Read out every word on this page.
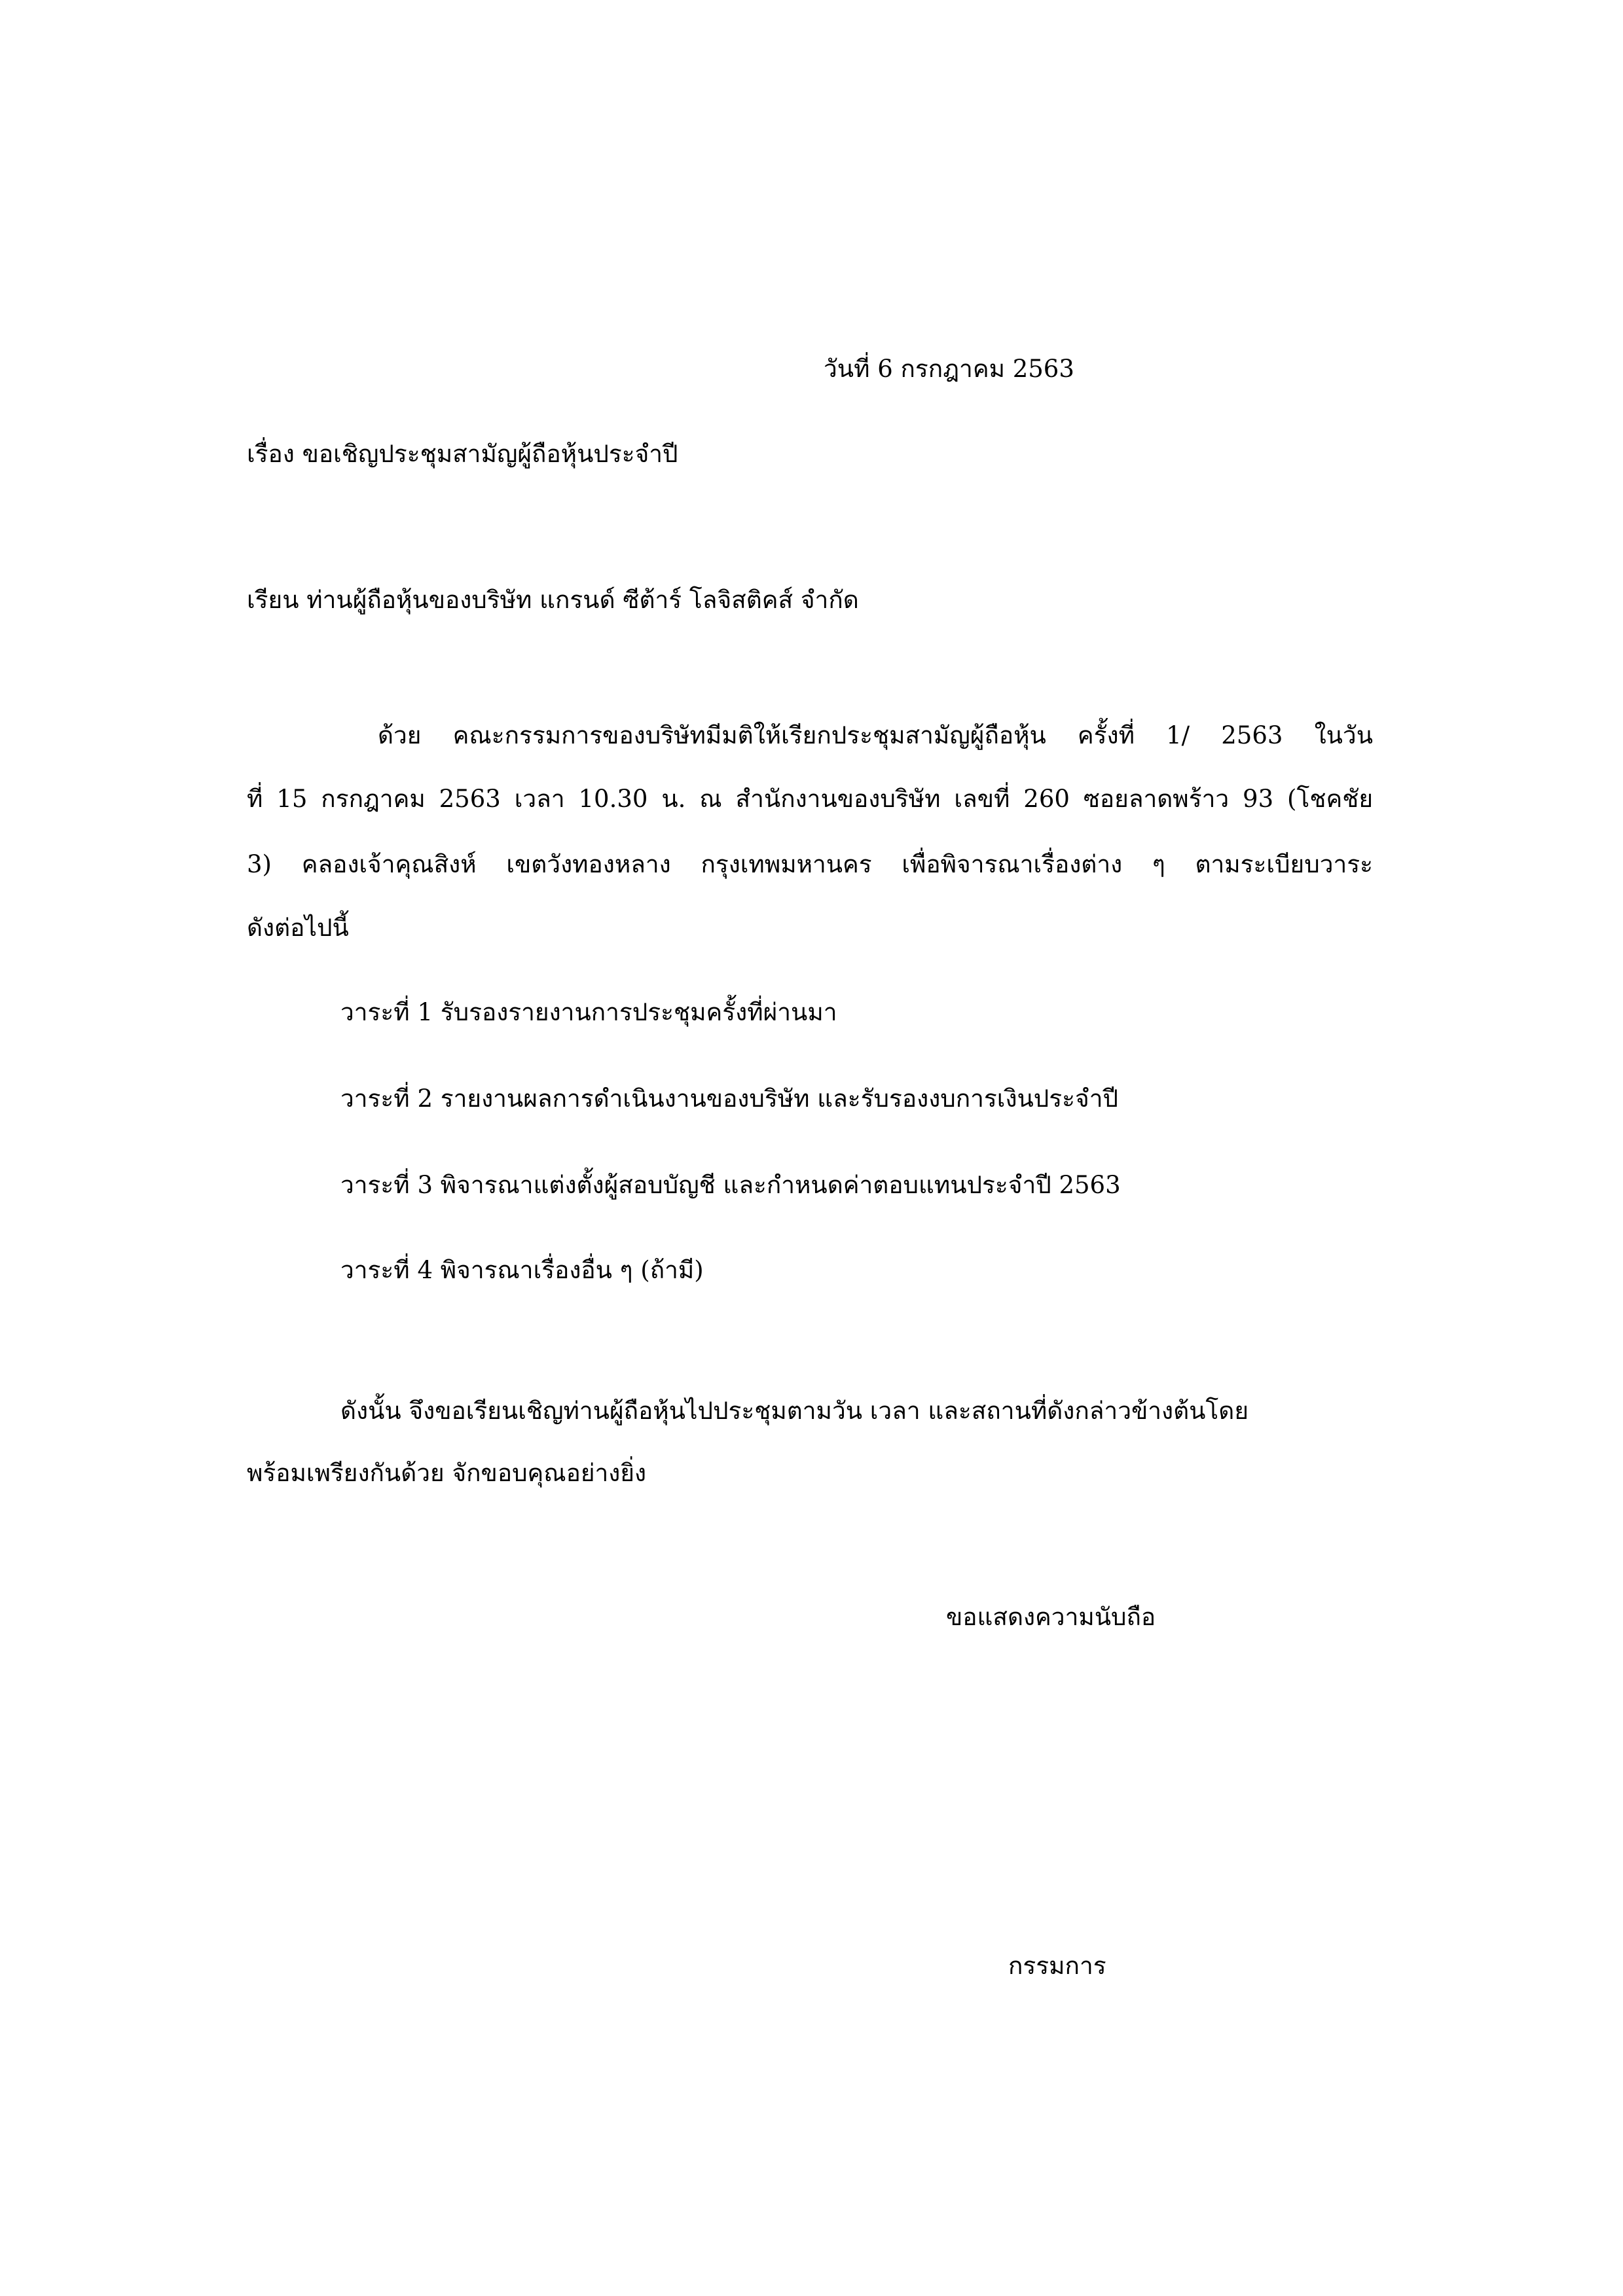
วันที่ 6 กรกฎาคม 2563

เรื่อง ขอเชิญประชุมสามัญผู้ถือหุ้นประจำปี

เรียน ท่านผู้ถือหุ้นของบริษัท แกรนด์ ซีต้าร์ โลจิสติคส์ จำกัด

ด้วย คณะกรรมการของบริษัทมีมติให้เรียกประชุมสามัญผู้ถือหุ้น ครั้งที่ 1/ 2563 ในวัน

ที่ 15 กรกฎาคม 2563 เวลา 10.30 น. ณ สำนักงานของบริษัท เลขที่ 260 ซอยลาดพร้าว 93 (โชคชัย

3) คลองเจ้าคุณสิงห์ เขตวังทองหลาง กรุงเทพมหานคร เพื่อพิจารณาเรื่องต่าง ๆ ตามระเบียบวาระ

ดังต่อไปนี้

วาระที่ 1 รับรองรายงานการประชุมครั้งที่ผ่านมา

วาระที่ 2 รายงานผลการดำเนินงานของบริษัท และรับรองงบการเงินประจำปี

วาระที่ 3 พิจารณาแต่งตั้งผู้สอบบัญชี และกำหนดค่าตอบแทนประจำปี 2563

วาระที่ 4 พิจารณาเรื่องอื่น ๆ (ถ้ามี)

ดังนั้น จึงขอเรียนเชิญท่านผู้ถือหุ้นไปประชุมตามวัน เวลา และสถานที่ดังกล่าวข้างต้นโดย

พร้อมเพรียงกันด้วย จักขอบคุณอย่างยิ่ง

ขอแสดงความนับถือ

กรรมการ
